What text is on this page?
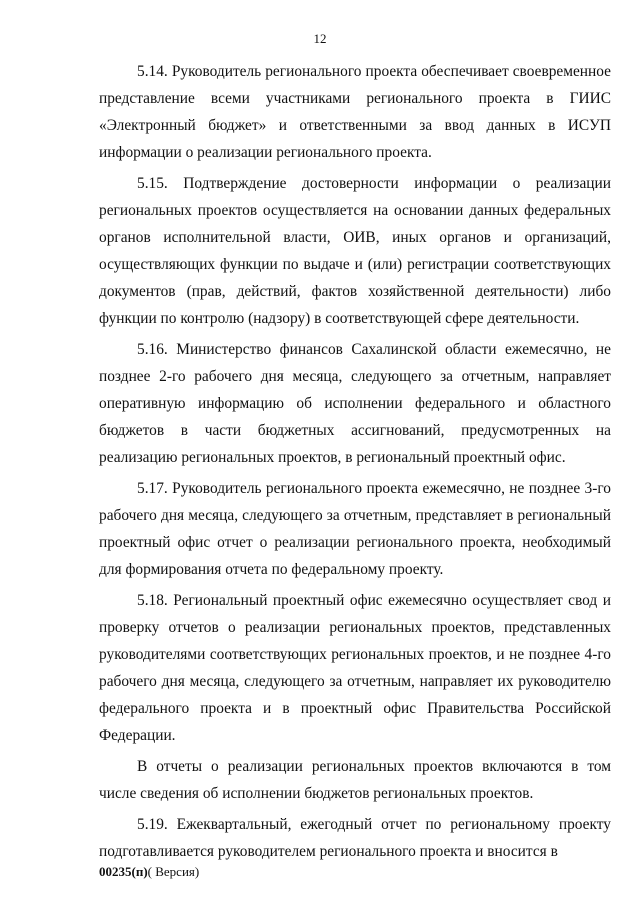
12

5.14. Руководитель регионального проекта обеспечивает своевременное представление всеми участниками регионального проекта в ГИИС «Электронный бюджет» и ответственными за ввод данных в ИСУП информации о реализации регионального проекта.

5.15. Подтверждение достоверности информации о реализации региональных проектов осуществляется на основании данных федеральных органов исполнительной власти, ОИВ, иных органов и организаций, осуществляющих функции по выдаче и (или) регистрации соответствующих документов (прав, действий, фактов хозяйственной деятельности) либо функции по контролю (надзору) в соответствующей сфере деятельности.

5.16. Министерство финансов Сахалинской области ежемесячно, не позднее 2-го рабочего дня месяца, следующего за отчетным, направляет оперативную информацию об исполнении федерального и областного бюджетов в части бюджетных ассигнований, предусмотренных на реализацию региональных проектов, в региональный проектный офис.

5.17. Руководитель регионального проекта ежемесячно, не позднее 3-го рабочего дня месяца, следующего за отчетным, представляет в региональный проектный офис отчет о реализации регионального проекта, необходимый для формирования отчета по федеральному проекту.

5.18. Региональный проектный офис ежемесячно осуществляет свод и проверку отчетов о реализации региональных проектов, представленных руководителями соответствующих региональных проектов, и не позднее 4-го рабочего дня месяца, следующего за отчетным, направляет их руководителю федерального проекта и в проектный офис Правительства Российской Федерации.

В отчеты о реализации региональных проектов включаются в том числе сведения об исполнении бюджетов региональных проектов.

5.19. Ежеквартальный, ежегодный отчет по региональному проекту подготавливается руководителем регионального проекта и вносится в

00235(п)( Версия)
